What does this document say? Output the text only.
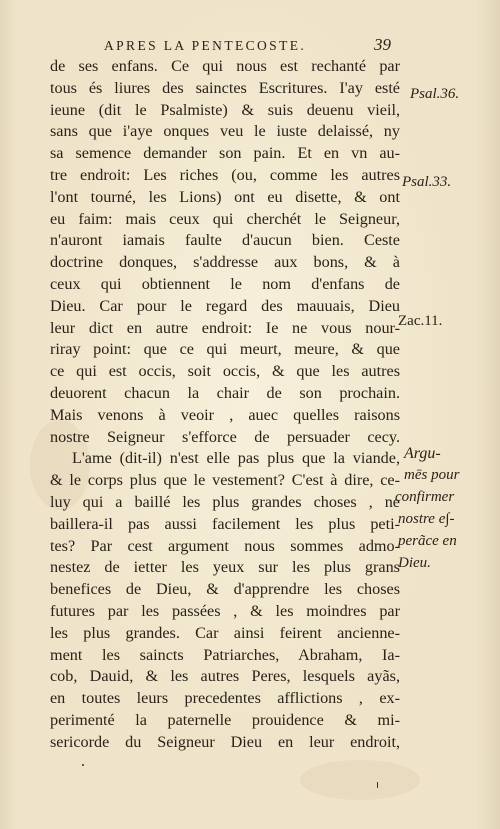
APRES LA PENTECOSTE.	39
de ses enfans. Ce qui nous est rechanté par
tous és liures des sainctes Escritures. I'ay esté
ieune (dit le Psalmiste) & suis deuenu vieil,
sans que i'aye onques veu le iuste delaissé, ny
sa semence demander son pain. Et en vn au-
tre endroit: Les riches (ou, comme les autres
l'ont tourné, les Lions) ont eu disette, & ont
eu faim: mais ceux qui cherchét le Seigneur,
n'auront iamais faulte d'aucun bien. Ceste
doctrine donques, s'addresse aux bons, & à
ceux qui obtiennent le nom d'enfans de
Dieu. Car pour le regard des mauuais, Dieu
leur dict en autre endroit: Ie ne vous nour-
riray point: que ce qui meurt, meure, & que
ce qui est occis, soit occis, & que les autres
deuorent chacun la chair de son prochain.
Mais venons à veoir , auec quelles raisons
nostre Seigneur s'efforce de persuader cecy.
L'ame (dit-il) n'est elle pas plus que la viande,
& le corps plus que le vestement? C'est à dire, ce-
luy qui a baillé les plus grandes choses , ne
baillera-il pas aussi facilement les plus peti-
tes? Par cest argument nous sommes admo-
nestez de ietter les yeux sur les plus grans
benefices de Dieu, & d'apprendre les choses
futures par les passées , & les moindres par
les plus grandes. Car ainsi feirent ancienne-
ment les saincts Patriarches, Abraham, Ia-
cob, Dauid, & les autres Peres, lesquels ayãs,
en toutes leurs precedentes afflictions , ex-
perimenté la paternelle prouidence & mi-
sericorde du Seigneur Dieu en leur endroit,
Psal.36.
Psal.33.
Zac.11.
Argu-
mēs pour
confirmer
nostre e∫-
perãce en
Dieu.
